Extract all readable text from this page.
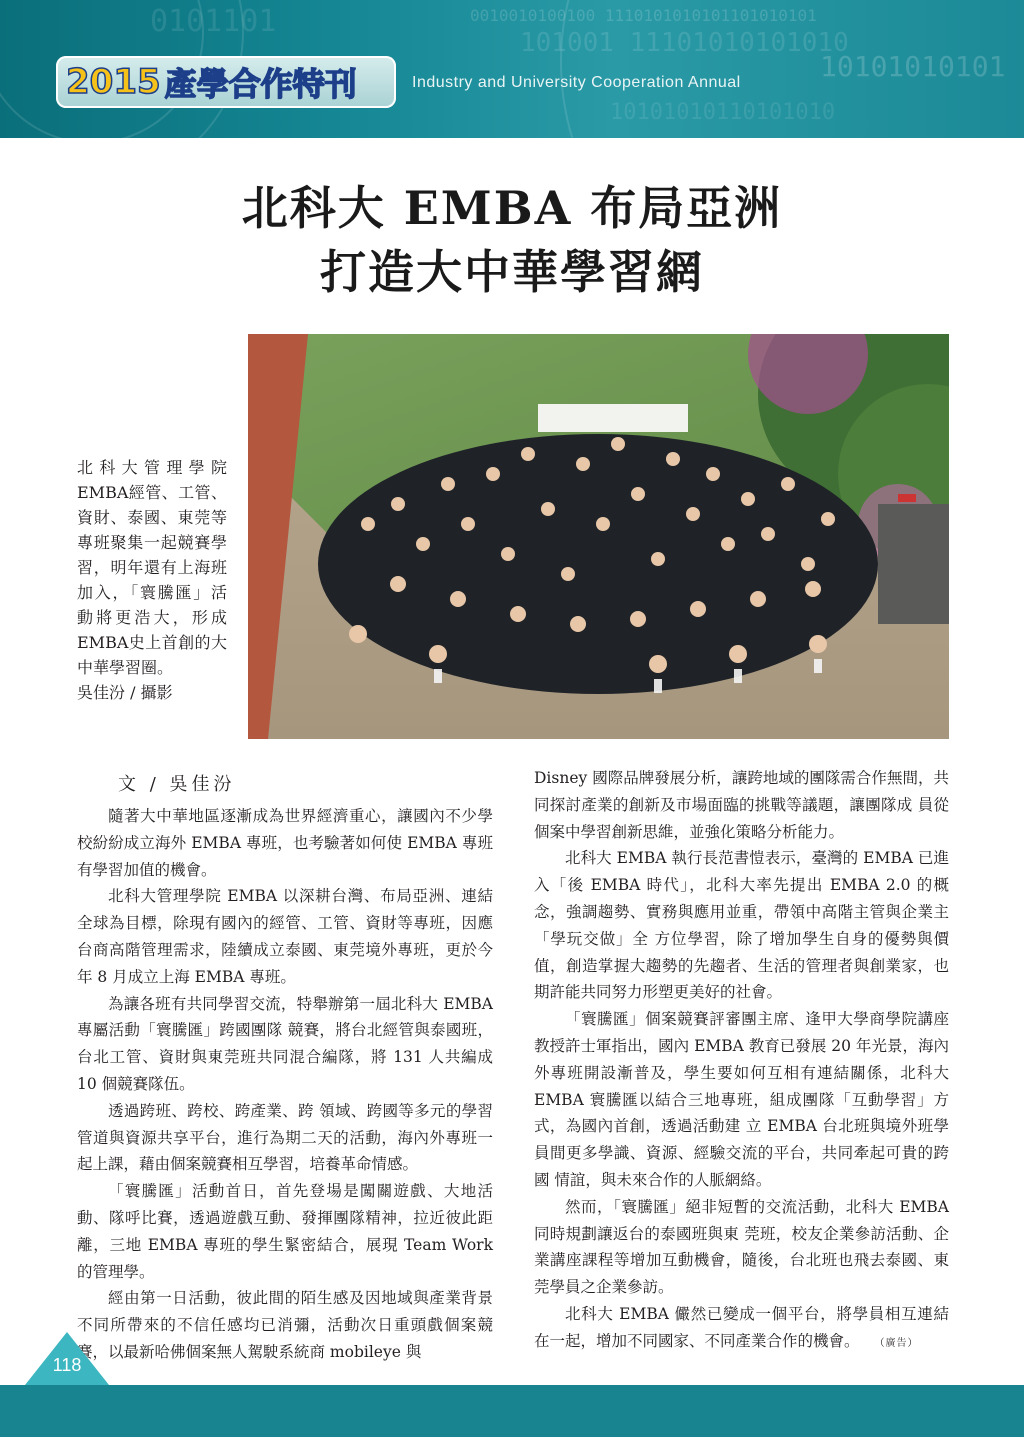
0010010100100 1110101010101101010101
101001 11101010101010
10101010101
0101101
10101010110101010
2015 產學合作特刊	Industry and University Cooperation Annual
北科大 EMBA 布局亞洲
打造大中華學習網
北科大管理學院EMBA經管、工管、資財、泰國、東莞等專班聚集一起競賽學習，明年還有上海班加入，「寰騰匯」活動將更浩大，形成EMBA史上首創的大中華學習圈。
吳佳汾 / 攝影
文 / 吳佳汾

隨著大中華地區逐漸成為世界經濟重心，讓國內不少學校紛紛成立海外 EMBA 專班，也考驗著如何使 EMBA 專班有學習加值的機會。

北科大管理學院 EMBA 以深耕台灣、布局亞洲、連結全球為目標，除現有國內的經管、工管、資財等專班，因應台商高階管理需求，陸續成立泰國、東莞境外專班，更於今年 8 月成立上海 EMBA 專班。

為讓各班有共同學習交流，特舉辦第一屆北科大 EMBA 專屬活動「寰騰匯」跨國團隊 競賽，將台北經管與泰國班，台北工管、資財與東莞班共同混合編隊，將 131 人共編成 10 個競賽隊伍。

透過跨班、跨校、跨產業、跨 領域、跨國等多元的學習管道與資源共享平台，進行為期二天的活動，海內外專班一起上課，藉由個案競賽相互學習，培養革命情感。

「寰騰匯」活動首日，首先登場是闖關遊戲、大地活動、隊呼比賽，透過遊戲互動、發揮團隊精神，拉近彼此距離，三地 EMBA 專班的學生緊密結合，展現 Team Work 的管理學。

經由第一日活動，彼此間的陌生感及因地域與產業背景不同所帶來的不信任感均已消彌，活動次日重頭戲個案競賽，以最新哈佛個案無人駕駛系統商 mobileye 與

Disney 國際品牌發展分析，讓跨地域的團隊需合作無間，共同探討產業的創新及市場面臨的挑戰等議題，讓團隊成 員從個案中學習創新思維，並強化策略分析能力。

北科大 EMBA 執行長范書愷表示，臺灣的 EMBA 已進入「後 EMBA 時代」，北科大率先提出 EMBA 2.0 的概念，強調趨勢、實務與應用並重，帶領中高階主管與企業主「學玩交做」全 方位學習，除了增加學生自身的優勢與價值，創造掌握大趨勢的先趨者、生活的管理者與創業家，也期許能共同努力形塑更美好的社會。

「寰騰匯」個案競賽評審團主席、逢甲大學商學院講座教授許士軍指出，國內 EMBA 教育已發展 20 年光景，海內外專班開設漸普及，學生要如何互相有連結關係，北科大 EMBA 寰騰匯以結合三地專班，組成團隊「互動學習」方式，為國內首創，透過活動建 立 EMBA 台北班與境外班學員間更多學識、資源、經驗交流的平台，共同牽起可貴的跨國 情誼，與未來合作的人脈網絡。

然而，「寰騰匯」絕非短暫的交流活動，北科大 EMBA 同時規劃讓返台的泰國班與東 莞班，校友企業參訪活動、企業講座課程等增加互動機會，隨後，台北班也飛去泰國、東莞學員之企業參訪。

北科大 EMBA 儼然已變成一個平台，將學員相互連結在一起，增加不同國家、不同產業合作的機會。 （廣告）

118
